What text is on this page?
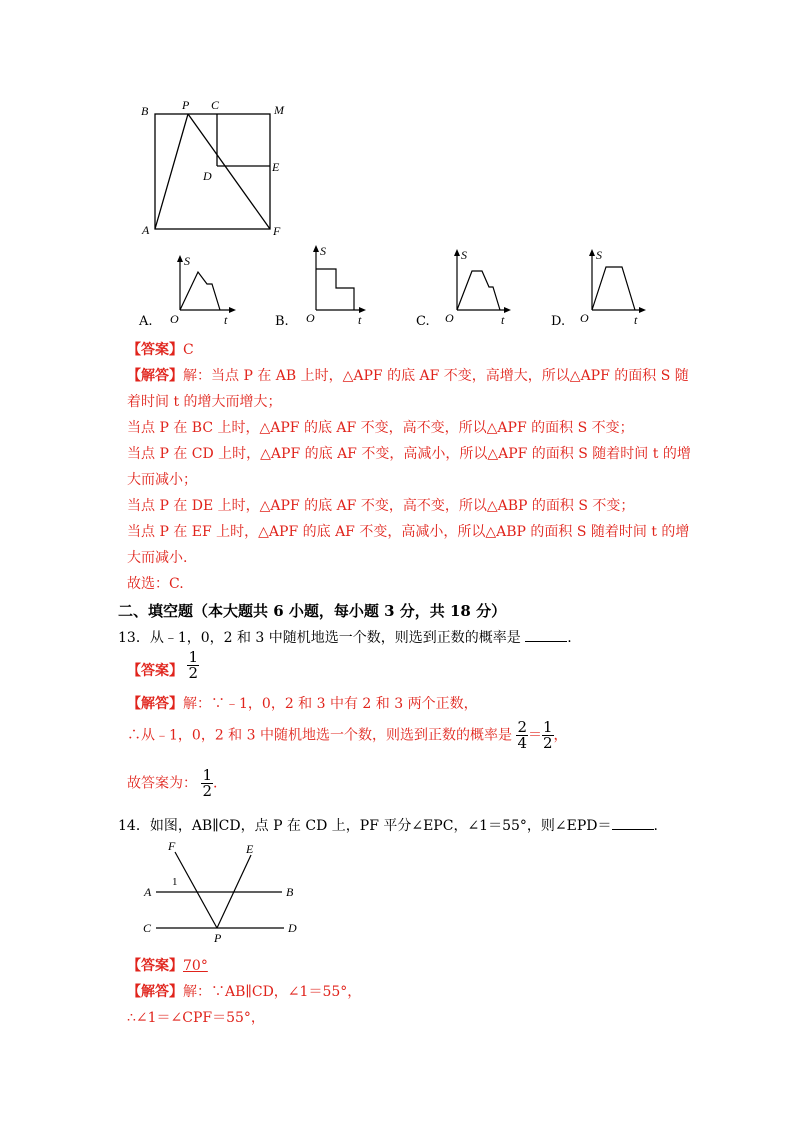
B	P C	M
D
E
A	F
S
O	t
A.
S
O	t
B.
S
O	t
C.
S
O	t
D.
【答案】C
【解答】解：当点 P 在 AB 上时，△APF 的底 AF 不变，高增大，所以△APF 的面积 S 随
着时间 t 的增大而增大；
当点 P 在 BC 上时，△APF 的底 AF 不变，高不变，所以△APF 的面积 S 不变；
当点 P 在 CD 上时，△APF 的底 AF 不变，高减小，所以△APF 的面积 S 随着时间 t 的增
大而减小；
当点 P 在 DE 上时，△APF 的底 AF 不变，高不变，所以△ABP 的面积 S 不变；
当点 P 在 EF 上时，△APF 的底 AF 不变，高减小，所以△ABP 的面积 S 随着时间 t 的增
大而减小.
故选：C.
二、填空题（本大题共 6 小题，每小题 3 分，共 18 分）
13．从﹣1，0，2 和 3 中随机地选一个数，则选到正数的概率是	.
【答案】 $\frac{1}{2}$
【解答】解：∵﹣1，0，2 和 3 中有 2 和 3 两个正数，
∴从﹣1，0，2 和 3 中随机地选一个数，则选到正数的概率是 $\frac{2}{4} = \frac{1}{2}$ ，
故答案为： $\frac{1}{2}$ .
14．如图，AB∥CD，点 P 在 CD 上，PF 平分∠EPC，∠1＝55°，则∠EPD＝	.
F	E
A	B
C	D
P
1
【答案】70°
【解答】解：∵AB∥CD，∠1＝55°，
∴∠1＝∠CPF＝55°，
